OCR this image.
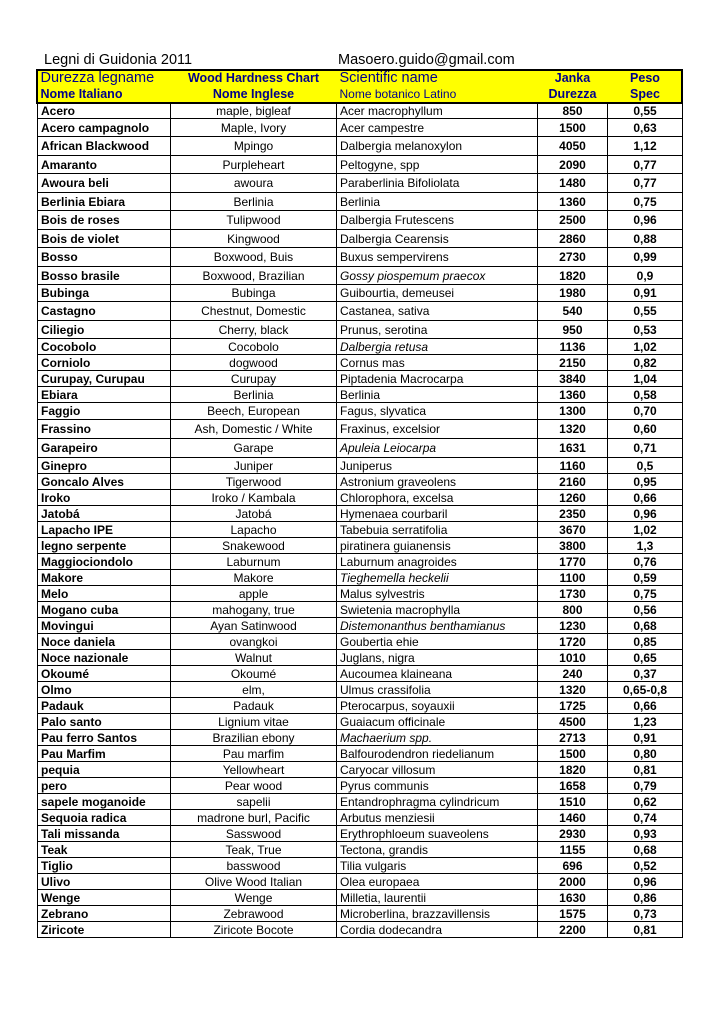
Legni di Guidonia 2011	Masoero.guido@gmail.com
Durezza legname	Wood Hardness Chart	Scientific name	Janka	Peso
Nome Italiano	Nome Inglese	Nome botanico Latino	Durezza	Spec
Acero	maple, bigleaf	Acer macrophyllum	850	0,55
Acero campagnolo	Maple, Ivory	Acer campestre	1500	0,63
African Blackwood	Mpingo	Dalbergia melanoxylon	4050	1,12
Amaranto	Purpleheart	Peltogyne, spp	2090	0,77
Awoura beli	awoura	Paraberlinia Bifoliolata	1480	0,77
Berlinia Ebiara	Berlinia	Berlinia	1360	0,75
Bois de roses	Tulipwood	Dalbergia Frutescens	2500	0,96
Bois de violet	Kingwood	Dalbergia Cearensis	2860	0,88
Bosso	Boxwood, Buis	Buxus sempervirens	2730	0,99
Bosso brasile	Boxwood, Brazilian	Gossy piospemum praecox	1820	0,9
Bubinga	Bubinga	Guibourtia, demeusei	1980	0,91
Castagno	Chestnut, Domestic	Castanea, sativa	540	0,55
Ciliegio	Cherry, black	Prunus, serotina	950	0,53
Cocobolo	Cocobolo	Dalbergia retusa	1136	1,02
Corniolo	dogwood	Cornus mas	2150	0,82
Curupay, Curupau	Curupay	Piptadenia Macrocarpa	3840	1,04
Ebiara	Berlinia	Berlinia	1360	0,58
Faggio	Beech, European	Fagus, slyvatica	1300	0,70
Frassino	Ash, Domestic / White	Fraxinus, excelsior	1320	0,60
Garapeiro	Garape	Apuleia Leiocarpa	1631	0,71
Ginepro	Juniper	Juniperus	1160	0,5
Goncalo Alves	Tigerwood	Astronium graveolens	2160	0,95
Iroko	Iroko / Kambala	Chlorophora, excelsa	1260	0,66
Jatobá	Jatobá	Hymenaea courbaril	2350	0,96
Lapacho IPE	Lapacho	Tabebuia serratifolia	3670	1,02
legno serpente	Snakewood	piratinera guianensis	3800	1,3
Maggiociondolo	Laburnum	Laburnum anagroides	1770	0,76
Makore	Makore	Tieghemella heckelii	1100	0,59
Melo	apple	Malus sylvestris	1730	0,75
Mogano cuba	mahogany, true	Swietenia macrophylla	800	0,56
Movingui	Ayan Satinwood	Distemonanthus benthamianus	1230	0,68
Noce daniela	ovangkoi	Goubertia ehie	1720	0,85
Noce nazionale	Walnut	Juglans, nigra	1010	0,65
Okoumé	Okoumé	Aucoumea klaineana	240	0,37
Olmo	elm,	Ulmus crassifolia	1320	0,65-0,8
Padauk	Padauk	Pterocarpus, soyauxii	1725	0,66
Palo santo	Lignium vitae	Guaiacum officinale	4500	1,23
Pau ferro Santos	Brazilian ebony	Machaerium spp.	2713	0,91
Pau Marfim	Pau marfim	Balfourodendron riedelianum	1500	0,80
pequia	Yellowheart	Caryocar villosum	1820	0,81
pero	Pear wood	Pyrus communis	1658	0,79
sapele moganoide	sapelii	Entandrophragma cylindricum	1510	0,62
Sequoia radica	madrone burl, Pacific	Arbutus menziesii	1460	0,74
Tali missanda	Sasswood	Erythrophloeum suaveolens	2930	0,93
Teak	Teak, True	Tectona, grandis	1155	0,68
Tiglio	basswood	Tilia vulgaris	696	0,52
Ulivo	Olive Wood Italian	Olea europaea	2000	0,96
Wenge	Wenge	Milletia, laurentii	1630	0,86
Zebrano	Zebrawood	Microberlina, brazzavillensis	1575	0,73
Ziricote	Ziricote Bocote	Cordia dodecandra	2200	0,81
